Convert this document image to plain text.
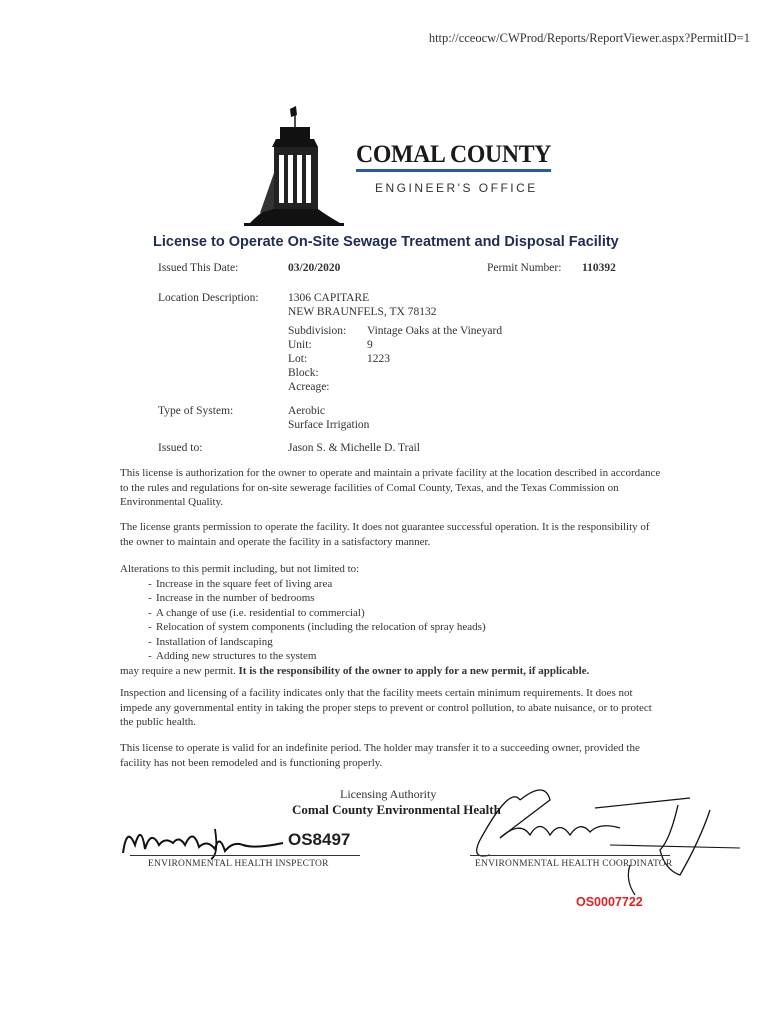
http://cceocw/CWProd/Reports/ReportViewer.aspx?PermitID=1
COMAL COUNTY
ENGINEER'S OFFICE
License to Operate On-Site Sewage Treatment and Disposal Facility
Issued This Date:	03/20/2020	Permit Number: 110392
Location Description:	1306 CAPITARE
NEW BRAUNFELS, TX 78132
Subdivision: Vintage Oaks at the Vineyard
Unit:	9
Lot:	1223
Block:
Acreage:
Type of System:	Aerobic
Surface Irrigation
Issued to:	Jason S. & Michelle D. Trail
This license is authorization for the owner to operate and maintain a private facility at the location described in accordance to the rules and regulations for on-site sewerage facilities of Comal County, Texas, and the Texas Commission on Environmental Quality.
The license grants permission to operate the facility. It does not guarantee successful operation. It is the responsibility of the owner to maintain and operate the facility in a satisfactory manner.
Alterations to this permit including, but not limited to:
- Increase in the square feet of living area
- Increase in the number of bedrooms
- A change of use (i.e. residential to commercial)
- Relocation of system components (including the relocation of spray heads)
- Installation of landscaping
- Adding new structures to the system
may require a new permit. It is the responsibility of the owner to apply for a new permit, if applicable.
Inspection and licensing of a facility indicates only that the facility meets certain minimum requirements. It does not impede any governmental entity in taking the proper steps to prevent or control pollution, to abate nuisance, or to protect the public health.
This license to operate is valid for an indefinite period. The holder may transfer it to a succeeding owner, provided the facility has not been remodeled and is functioning properly.
Licensing Authority
Comal County Environmental Health
OS8497
ENVIRONMENTAL HEALTH INSPECTOR	ENVIRONMENTAL HEALTH COORDINATOR
OS0007722
